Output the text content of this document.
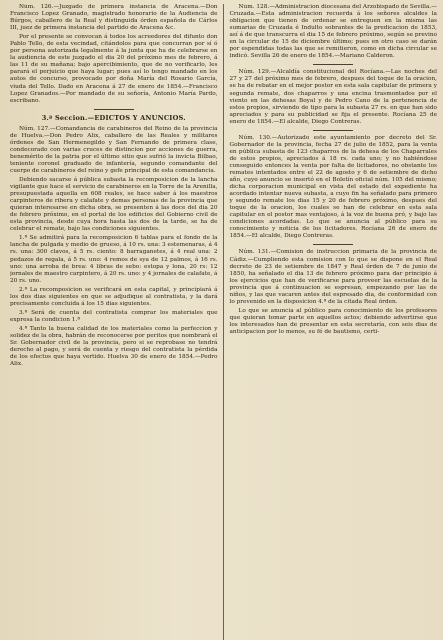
Núm. 126.—Juzgado de primera instancia de Aracena.—Don Francisco Lopez Granado, magistrado honorario de la Audiencia de Búrgos, caballero de la Real y distinguida órden española de Cárlos III, juez de primera instancia del partido de Aracena &c.

Por el presente se convocan á todos los acreedores del difunto don Pablo Tello, de esta vecindad, citándolos para que concurran por sí ó por persona autorizada legalmente á la junta que ha de celebrarse en la audiencia de este juzgado el dia 20 del próximo mes de febrero, á las 11 de su mañana; bajo apercibimiento, que de no verificarlo, les parará el perjuicio que haya lugar; pues así lo tengo mandado en los autos de concurso, provocado por doña María del Rosario García, viuda del Tello. Dado en Aracena á 27 de enero de 1854.—Francisco Lopez Granados.—Por mandado de su señoría, Antonio María Pardo, escribano.

3.ª Seccion.—EDICTOS Y ANUNCIOS.

Núm. 127.—Comandancia de carabineros del Reino de la provincia de Huelva.—Don Pedro Alix, caballero de las Reales y militares órdenes de San Hermenegildo y San Fernando de primera clase, condecorado con varias cruces de distincion por acciones de guerra, benemérito de la patria por el último sitio que sufrió la invicta Bilbao, teniente coronel graduado de infantería, segundo comandante del cuerpo de carabineros del reino y gefe principal de esta comandancia.

Debiendo sacarse á pública subasta la recomposicion de la lancha vigilante que hace el servicio de carabineros en la Torre de la Arenilla, presupuestada aquella en 608 reales, se hace saber á los maestros carpinteros de ribera y calafate y demas personas de la provincia que quieran interesarse en dicha obra, se presenten á las doce del dia 20 de febrero próximo, en el portal de los edificios del Gobierno civil de esta provincia, desde cuya hora hasta las dos de la tarde, se ha de celebrar el remate, bajo las condiciones siguientes.

1.ª Se admitirá para la recomposicion 6 tablas para el fondo de la lancha de pulgada y medio de grueso, á 10 rs. una: 3 estemenaras, á 4 rs. una: 300 clavos, á 5 rs. ciento: 8 barraganetes, á 4 real una: 2 pedazos de regala, á 5 rs. uno: 4 remos de sya de 12 palmos, á 16 rs. uno: una arroba de brea: 4 libras de sebo: estopa y lona, 20 rs: 12 jornales de maestro carpintero, á 20 rs. uno: y 4 jornales de calafate, á 20 rs. uno.

2.ª La recomposicion se verificará en esta capital, y principiará á los dos dias siguientes en que se adjudique al contratista, y la dará precisamente concluida á los 15 dias siguientes.

3.ª Será de cuenta del contratista comprar los materiales que expresa la condicion 1.ª

4.ª Tanto la buena calidad de los materiales como la perfeccion y solidez de la obra, habrán de reconocerse por peritos que nombrará el Sr. Gobernador civil de la provincia, pero si se reprobase no tendrá derecho al pago, y será de cuenta y riesgo del contratista la pérdida de los efectos que haya vertido. Huelva 30 de enero de 1854.—Pedro Alix.

Núm. 128.—Administracion diocesana del Arzobispado de Sevilla.—Cruzada.—Esta administracion recuerda á los señores alcaldes la obligacion que tienen de ordenar se entreguen en la misma las sumarias de Cruzada é Indulto sobrantes de la predicacion de 1853, así á de que transcurra el dia 15 de febrero próximo, según se previno en la circular de 15 de diciembre último; pues en otro caso se darán por espendidas todas las que se remitieron, como en dicha circular se indicó. Sevilla 26 de enero de 1854.—Mariano Calderon.

Núm. 129.—Alcaldía constitucional del Rocíana.—Las noches del 27 y 27 del próximo mes de febrero, despues del toque de la oracion, se ha de rebatar en el mejor postor en esta sala capitular de primera y segunda remate, dos chaparros y una encina trasmontados por el viento en las dehesas Boyal y de Pedro Cano de la pertenencia de estos propios, sirviendo de tipo para la subasta 27 rs. en que han sido apreciados y para su publicidad se fija el presente. Rocíana 25 de enero de 1854.—El alcalde, Diego Contreras.

Núm. 130.—Autorizado este ayuntamiento por decreto del Sr. Gobernador de la provincia, fecha 27 de julio de 1852, para la venta en pública subasta de 123 chaparros de la dehesa de los Chaparrales de estos propios, apreciados á 18 rs. cada uno; y no habiéndose conseguido entonces la venta por falta de licitadores, no obstante los remates intentados entre el 22 de agosto y 6 de setiembre de dicho año, cuyo anuncio se insertó en el Boletín oficial núm. 105 del mismo; dicha corporacion municipal en vista del estado del expediente ha acordado intentar nueva subasta, a cuyo fin ha señalado para primero y segundo remate los dias 15 y 20 de febrero próximo, despues del toque de la oracion, los cuales se han de celebrar en esta sala capitular en el postor mas ventajoso, á la voz de buena pró, y bajo las condiciones acordadas. Lo que se anuncia al público para su conocimiento y noticia de los licitadores. Rocíana 26 de enero de 1854.—El alcalde, Diego Contreras.

Núm. 131.—Comision de instruccion primaria de la provincia de Cádiz.—Cumpliendo esta comision con lo que se dispone en el Real decreto de 23 de setiembre de 1847 y Real órden de 7 de junio de 1850, ha señalado el dia 13 de febrero próximo para dar principio á los ejercicios que han de verificarse para proveer las escuelas de la provincia que á continuacion se espresan, empezando por las de niños, y las que vacaren antes del espresado dia, de conformidad con lo prevenido en la disposicion 4.ª de la citada Real órden.

Lo que se anuncia al público para conocimiento de los profesores que quieran tomar parte en aquellos actos; debiendo advertirse que los interesados han de presentar en esta secretaría, con seis dias de anticipacion por lo menos, su fé de bautismo, certi-
